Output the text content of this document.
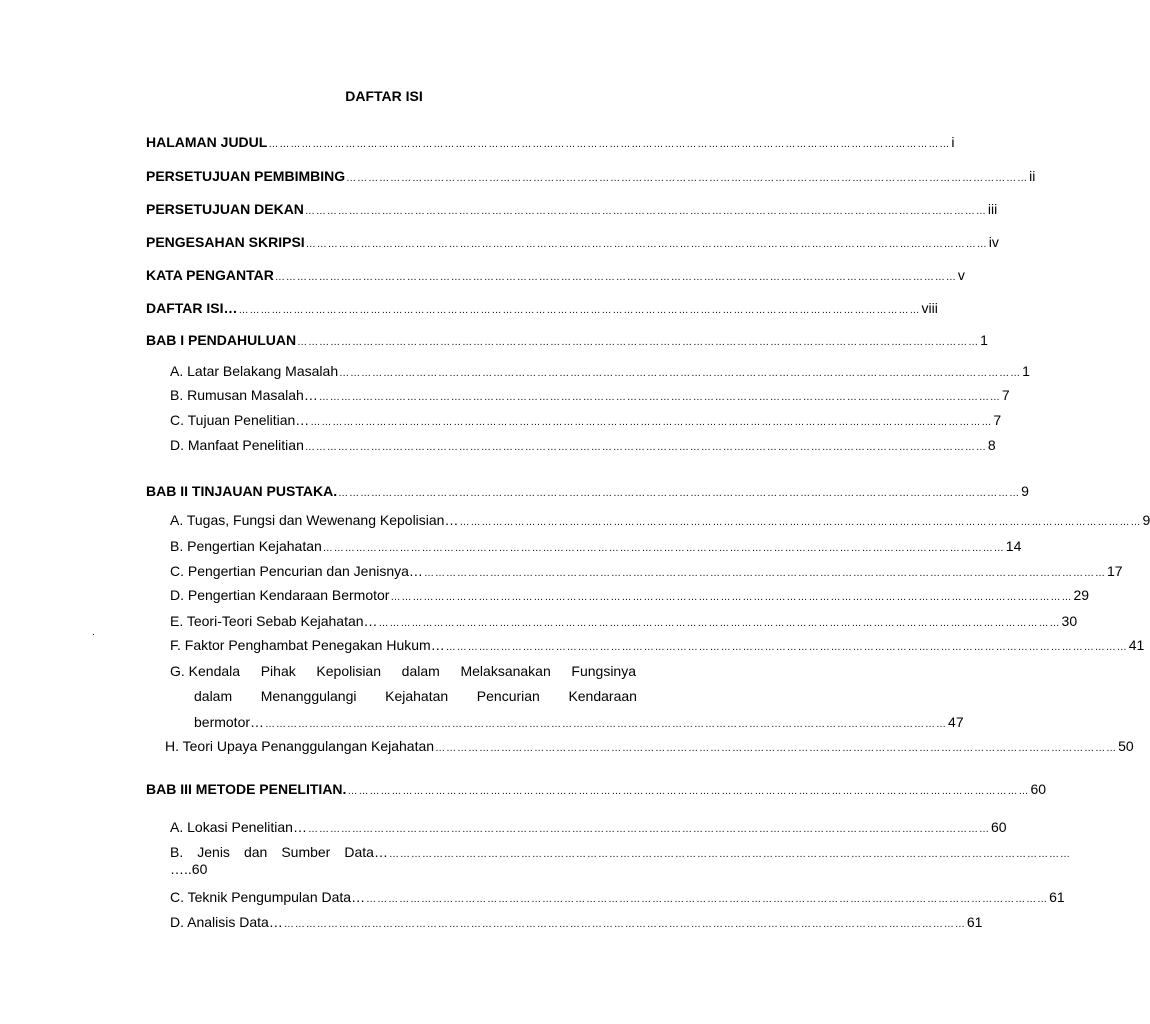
DAFTAR ISI
HALAMAN JUDUL …………………………………………………………………………………………………………………………………………………………………… i
PERSETUJUAN PEMBIMBING …………………………………………………………………………………………………………………………………………………………………… ii
PERSETUJUAN DEKAN …………………………………………………………………………………………………………………………………………………………………… iii
PENGESAHAN SKRIPSI …………………………………………………………………………………………………………………………………………………………………… iv
KATA PENGANTAR …………………………………………………………………………………………………………………………………………………………………… v
DAFTAR ISI… …………………………………………………………………………………………………………………………………………………………………… viii
BAB I PENDAHULUAN …………………………………………………………………………………………………………………………………………………………………… 1
A. Latar Belakang Masalah …………………………………………………………………………………………………………………………………………………………………… 1
B. Rumusan Masalah… …………………………………………………………………………………………………………………………………………………………………… 7
C. Tujuan Penelitian… …………………………………………………………………………………………………………………………………………………………………… 7
D. Manfaat Penelitian …………………………………………………………………………………………………………………………………………………………………… 8
BAB II TINJAUAN PUSTAKA. …………………………………………………………………………………………………………………………………………………………………… 9
A. Tugas, Fungsi dan Wewenang Kepolisian… …………………………………………………………………………………………………………………………………………………………………… 9
B. Pengertian Kejahatan …………………………………………………………………………………………………………………………………………………………………… 14
C. Pengertian Pencurian dan Jenisnya… …………………………………………………………………………………………………………………………………………………………………… 17
D. Pengertian Kendaraan Bermotor …………………………………………………………………………………………………………………………………………………………………… 29
E. Teori-Teori Sebab Kejahatan… …………………………………………………………………………………………………………………………………………………………………… 30
F. Faktor Penghambat Penegakan Hukum… …………………………………………………………………………………………………………………………………………………………………… 41
G. Kendala Pihak Kepolisian dalam Melaksanakan Fungsinya
dalam Menanggulangi Kejahatan Pencurian Kendaraan
bermotor… …………………………………………………………………………………………………………………………………………………………………… 47
H. Teori Upaya Penanggulangan Kejahatan …………………………………………………………………………………………………………………………………………………………………… 50
BAB III METODE PENELITIAN. …………………………………………………………………………………………………………………………………………………………………… 60
A. Lokasi Penelitian… …………………………………………………………………………………………………………………………………………………………………… 60
B. Jenis dan Sumber Data… ……………………………………………………………………………………………………………………………………………………………………
…..60
C. Teknik Pengumpulan Data… …………………………………………………………………………………………………………………………………………………………………… 61
D. Analisis Data… …………………………………………………………………………………………………………………………………………………………………… 61
.
